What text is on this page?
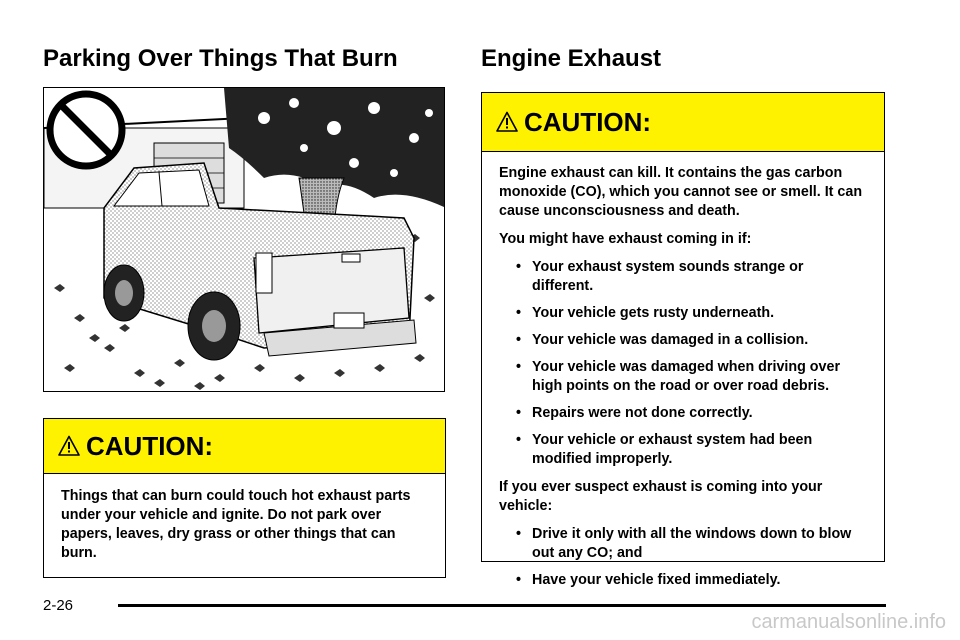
Parking Over Things That Burn	Engine Exhaust
CAUTION:

Things that can burn could touch hot exhaust parts under your vehicle and ignite. Do not park over papers, leaves, dry grass or other things that can burn.

CAUTION:

Engine exhaust can kill. It contains the gas carbon monoxide (CO), which you cannot see or smell. It can cause unconsciousness and death.

You might have exhaust coming in if:

• Your exhaust system sounds strange or different.
• Your vehicle gets rusty underneath.
• Your vehicle was damaged in a collision.
• Your vehicle was damaged when driving over high points on the road or over road debris.
• Repairs were not done correctly.
• Your vehicle or exhaust system had been modified improperly.

If you ever suspect exhaust is coming into your vehicle:

• Drive it only with all the windows down to blow out any CO; and
• Have your vehicle fixed immediately.
2-26
carmanualsonline.info
